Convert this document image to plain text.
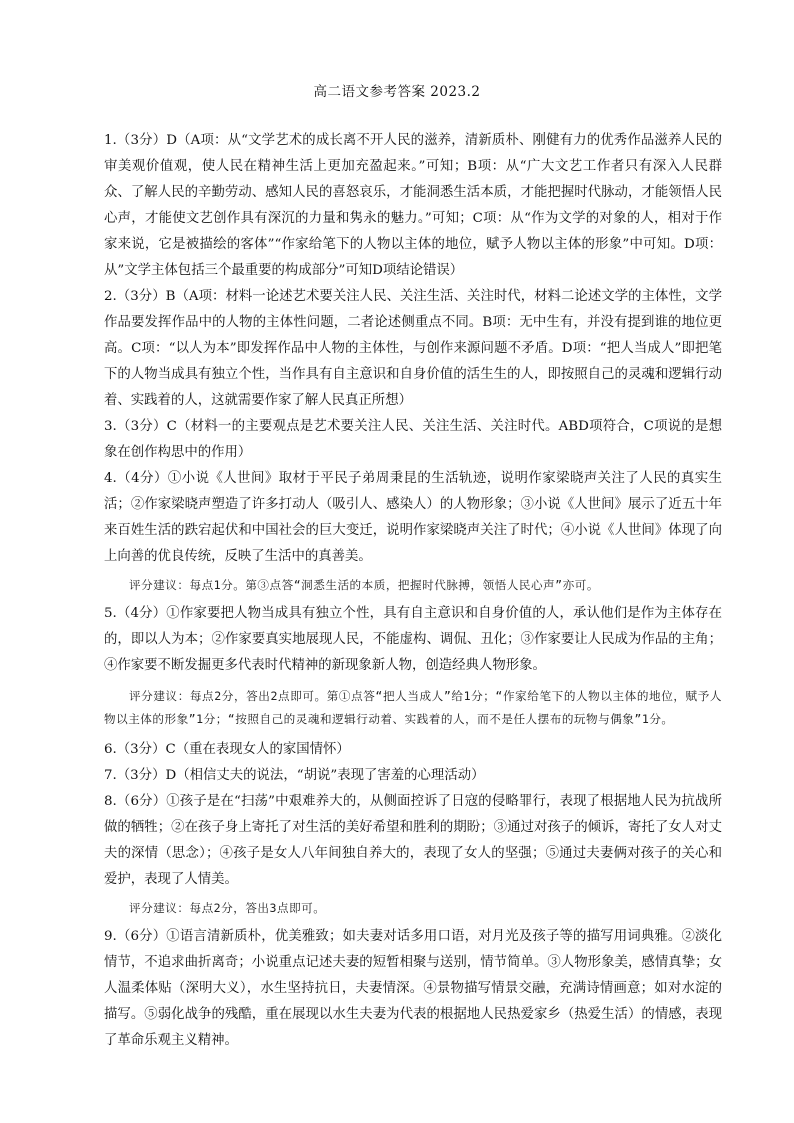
高二语文参考答案 2023.2

1.（3分）D（A项：从“文学艺术的成长离不开人民的滋养，清新质朴、刚健有力的优秀作品滋养人民的审美观价值观，使人民在精神生活上更加充盈起来。”可知；B项：从“广大文艺工作者只有深入人民群众、了解人民的辛勤劳动、感知人民的喜怒哀乐，才能洞悉生活本质，才能把握时代脉动，才能领悟人民心声，才能使文艺创作具有深沉的力量和隽永的魅力。”可知；C项：从“作为文学的对象的人，相对于作家来说，它是被描绘的客体”“作家给笔下的人物以主体的地位，赋予人物以主体的形象”中可知。D项：从”文学主体包括三个最重要的构成部分”可知D项结论错误）

2.（3分）B（A项：材料一论述艺术要关注人民、关注生活、关注时代，材料二论述文学的主体性，文学作品要发挥作品中的人物的主体性问题，二者论述侧重点不同。B项：无中生有，并没有提到谁的地位更高。C项：“以人为本”即发挥作品中人物的主体性，与创作来源问题不矛盾。D项：“把人当成人”即把笔下的人物当成具有独立个性，当作具有自主意识和自身价值的活生生的人，即按照自己的灵魂和逻辑行动着、实践着的人，这就需要作家了解人民真正所想）

3.（3分）C（材料一的主要观点是艺术要关注人民、关注生活、关注时代。ABD项符合，C项说的是想象在创作构思中的作用）

4.（4分）①小说《人世间》取材于平民子弟周秉昆的生活轨迹，说明作家梁晓声关注了人民的真实生活；②作家梁晓声塑造了许多打动人（吸引人、感染人）的人物形象；③小说《人世间》展示了近五十年来百姓生活的跌宕起伏和中国社会的巨大变迁，说明作家梁晓声关注了时代；④小说《人世间》体现了向上向善的优良传统，反映了生活中的真善美。

评分建议：每点1分。第③点答“洞悉生活的本质，把握时代脉搏，领悟人民心声”亦可。

5.（4分）①作家要把人物当成具有独立个性，具有自主意识和自身价值的人，承认他们是作为主体存在的，即以人为本；②作家要真实地展现人民，不能虚构、调侃、丑化；③作家要让人民成为作品的主角；④作家要不断发掘更多代表时代精神的新现象新人物，创造经典人物形象。

评分建议：每点2分，答出2点即可。第①点答“把人当成人”给1分；“作家给笔下的人物以主体的地位，赋予人物以主体的形象”1分；“按照自己的灵魂和逻辑行动着、实践着的人，而不是任人摆布的玩物与偶象”1分。

6.（3分）C（重在表现女人的家国情怀）

7.（3分）D（相信丈夫的说法，“胡说”表现了害羞的心理活动）

8.（6分）①孩子是在“扫荡”中艰难养大的，从侧面控诉了日寇的侵略罪行，表现了根据地人民为抗战所做的牺牲；②在孩子身上寄托了对生活的美好希望和胜利的期盼；③通过对孩子的倾诉，寄托了女人对丈夫的深情（思念）；④孩子是女人八年间独自养大的，表现了女人的坚强；⑤通过夫妻俩对孩子的关心和爱护，表现了人情美。

评分建议：每点2分，答出3点即可。

9.（6分）①语言清新质朴，优美雅致；如夫妻对话多用口语，对月光及孩子等的描写用词典雅。②淡化情节，不追求曲折离奇；小说重点记述夫妻的短暂相聚与送别，情节简单。③人物形象美，感情真挚；女人温柔体贴（深明大义），水生坚持抗日，夫妻情深。④景物描写情景交融，充满诗情画意；如对水淀的描写。⑤弱化战争的残酷，重在展现以水生夫妻为代表的根据地人民热爱家乡（热爱生活）的情感，表现了革命乐观主义精神。
